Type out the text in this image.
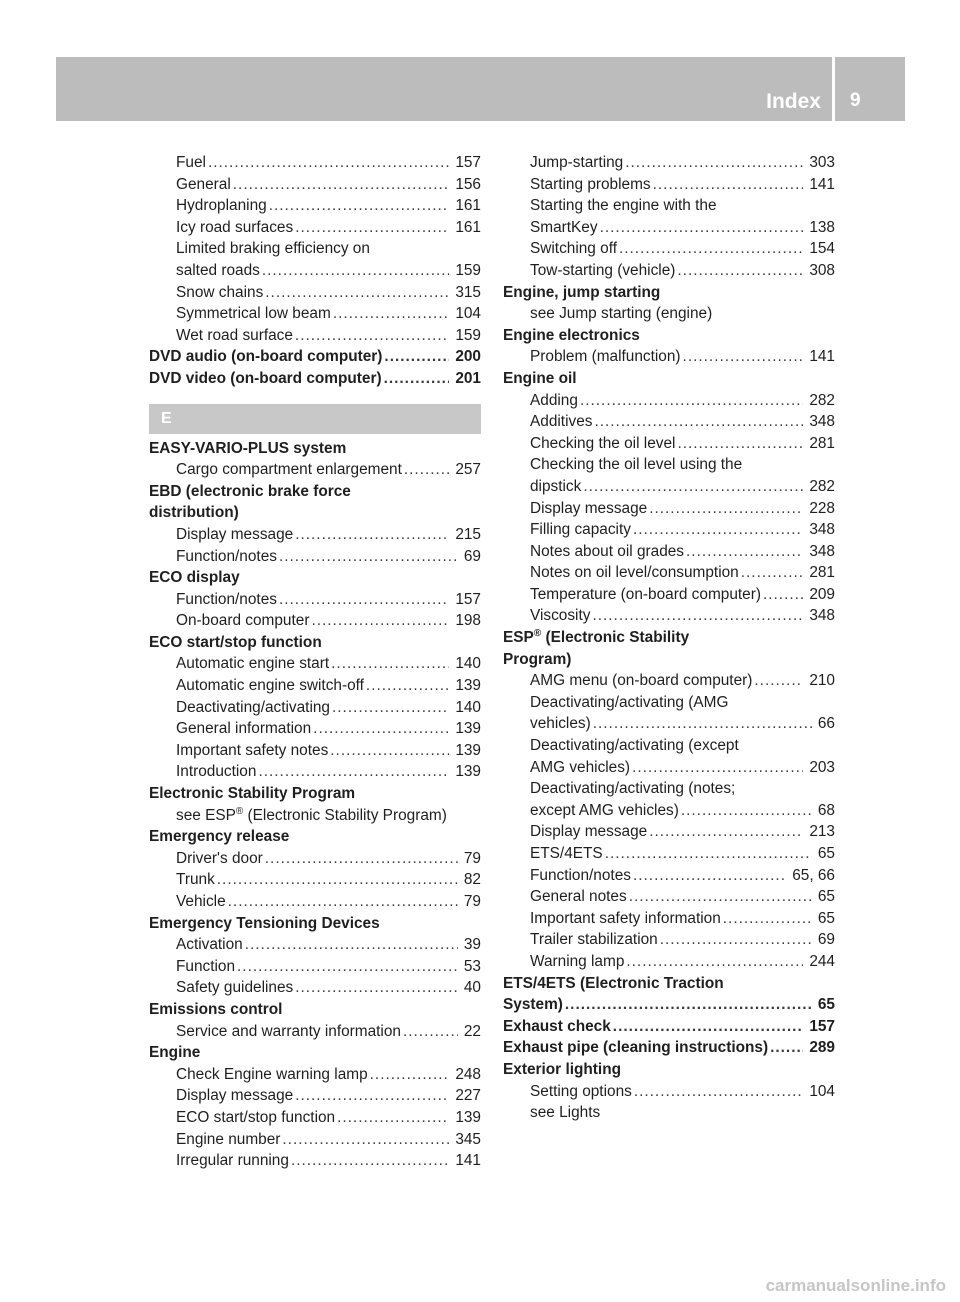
Index 9
Fuel .....	157
General .....	156
Hydroplaning .....	161
Icy road surfaces .....	161
Limited braking efficiency on
salted roads .....	159
Snow chains .....	315
Symmetrical low beam .....	104
Wet road surface .....	159
DVD audio (on-board computer) .....	200
DVD video (on-board computer) .....	201
E
EASY-VARIO-PLUS system
Cargo compartment enlargement .....	257
EBD (electronic brake force
distribution)
Display message .....	215
Function/notes .....	69
ECO display
Function/notes .....	157
On-board computer .....	198
ECO start/stop function
Automatic engine start .....	140
Automatic engine switch-off .....	139
Deactivating/activating .....	140
General information .....	139
Important safety notes .....	139
Introduction .....	139
Electronic Stability Program
see ESP® (Electronic Stability Program)
Emergency release
Driver's door .....	79
Trunk .....	82
Vehicle .....	79
Emergency Tensioning Devices
Activation .....	39
Function .....	53
Safety guidelines .....	40
Emissions control
Service and warranty information .....	22
Engine
Check Engine warning lamp .....	248
Display message .....	227
ECO start/stop function .....	139
Engine number .....	345
Irregular running .....	141
Jump-starting .....	303
Starting problems .....	141
Starting the engine with the
SmartKey .....	138
Switching off .....	154
Tow-starting (vehicle) .....	308
Engine, jump starting
see Jump starting (engine)
Engine electronics
Problem (malfunction) .....	141
Engine oil
Adding .....	282
Additives .....	348
Checking the oil level .....	281
Checking the oil level using the
dipstick .....	282
Display message .....	228
Filling capacity .....	348
Notes about oil grades .....	348
Notes on oil level/consumption .....	281
Temperature (on-board computer) .....	209
Viscosity .....	348
ESP® (Electronic Stability
Program)
AMG menu (on-board computer) .....	210
Deactivating/activating (AMG
vehicles) .....	66
Deactivating/activating (except
AMG vehicles) .....	203
Deactivating/activating (notes;
except AMG vehicles) .....	68
Display message .....	213
ETS/4ETS .....	65
Function/notes .....	65, 66
General notes .....	65
Important safety information .....	65
Trailer stabilization .....	69
Warning lamp .....	244
ETS/4ETS (Electronic Traction
System) .....	65
Exhaust check .....	157
Exhaust pipe (cleaning instructions) .....	289
Exterior lighting
Setting options .....	104
see Lights
carmanualsonline.info
